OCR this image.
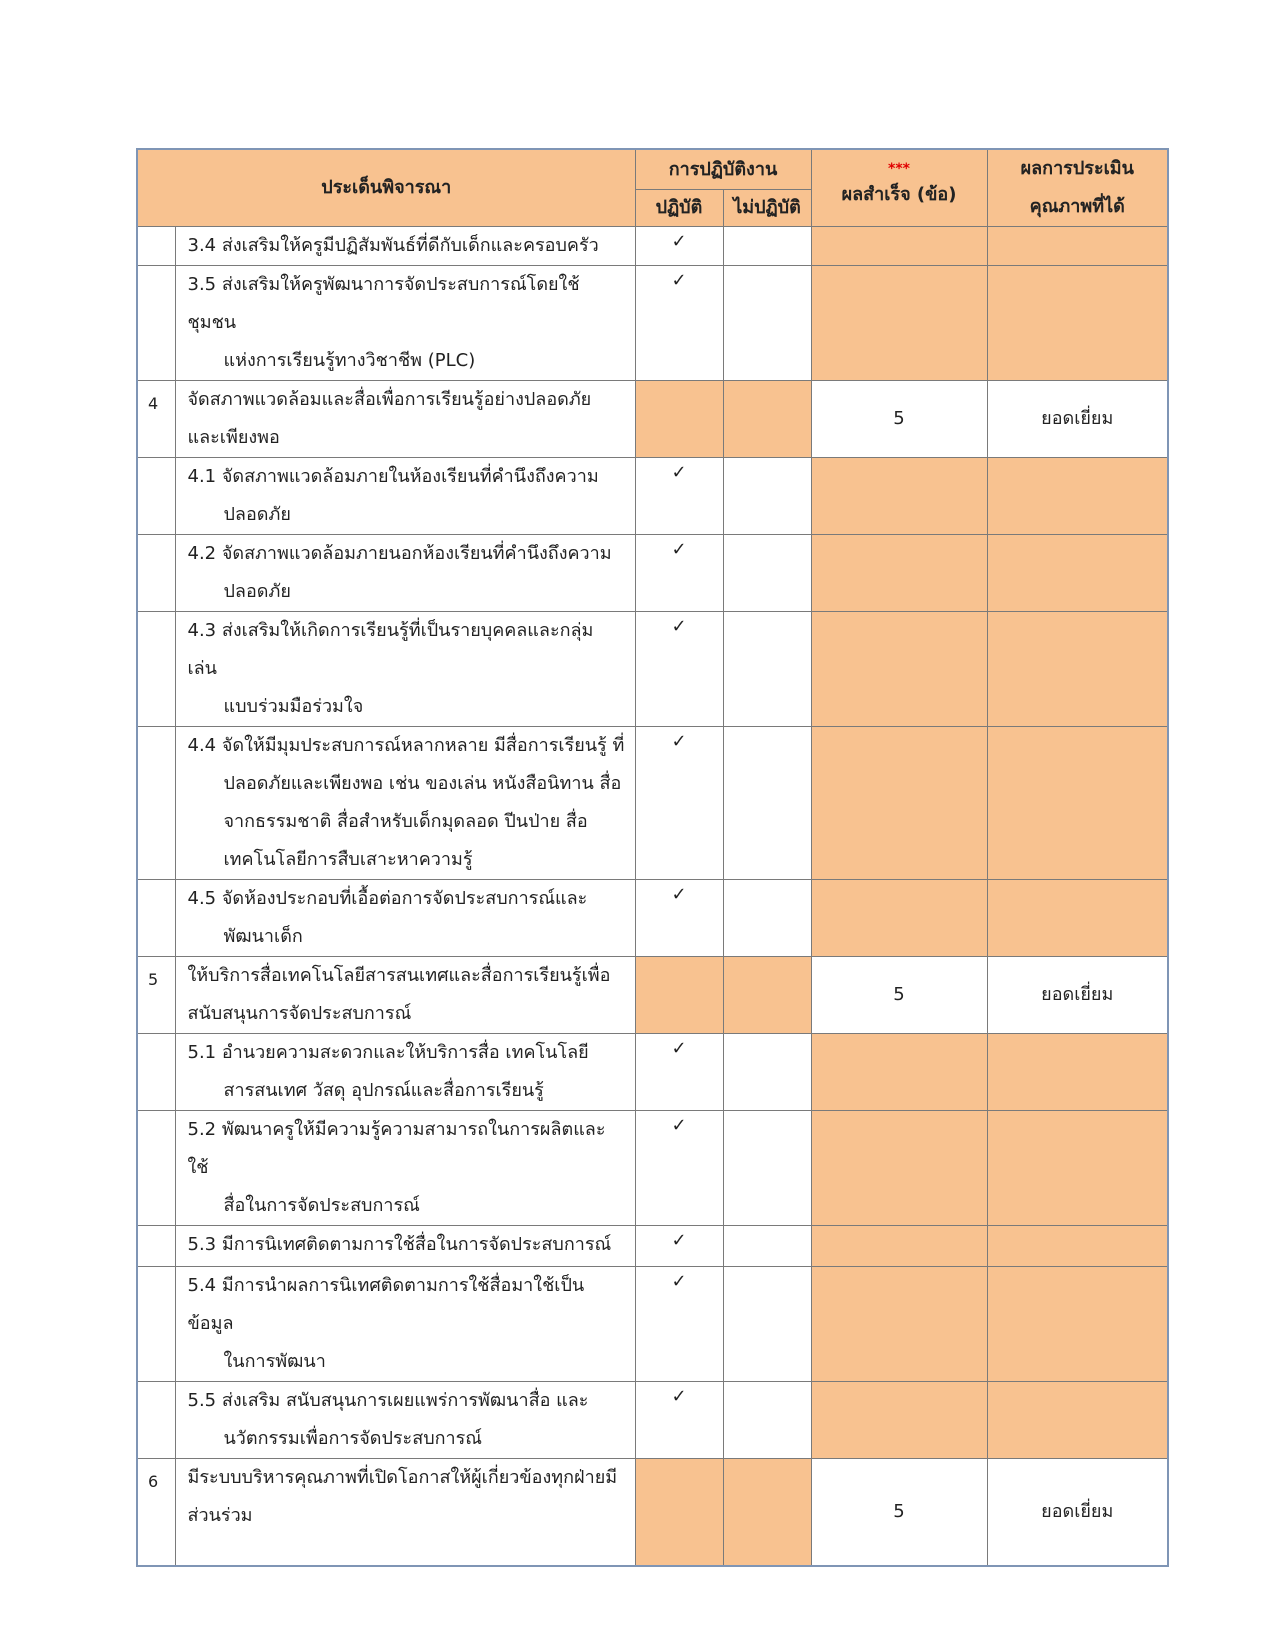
ประเด็นพิจารณา		การปฏิบัติงาน		***
ผลสำเร็จ (ข้อ)	ผลการประเมิน
คุณภาพที่ได้

		ปฏิบัติ	ไม่ปฏิบัติ		

	3.4 ส่งเสริมให้ครูมีปฏิสัมพันธ์ที่ดีกับเด็กและครอบครัว	✓			

	3.5 ส่งเสริมให้ครูพัฒนาการจัดประสบการณ์โดยใช้ชุมชน
แห่งการเรียนรู้ทางวิชาชีพ (PLC)	✓			
4	จัดสภาพแวดล้อมและสื่อเพื่อการเรียนรู้อย่างปลอดภัย
และเพียงพอ			5	ยอดเยี่ยม

	4.1 จัดสภาพแวดล้อมภายในห้องเรียนที่คำนึงถึงความ
ปลอดภัย	✓			

	4.2 จัดสภาพแวดล้อมภายนอกห้องเรียนที่คำนึงถึงความ
ปลอดภัย	✓			

	4.3 ส่งเสริมให้เกิดการเรียนรู้ที่เป็นรายบุคคลและกลุ่ม เล่น
แบบร่วมมือร่วมใจ	✓			

	4.4 จัดให้มีมุมประสบการณ์หลากหลาย มีสื่อการเรียนรู้ ที่
ปลอดภัยและเพียงพอ เช่น ของเล่น หนังสือนิทาน สื่อ
จากธรรมชาติ สื่อสำหรับเด็กมุดลอด ปีนป่าย สื่อ
เทคโนโลยีการสืบเสาะหาความรู้	✓			

	4.5 จัดห้องประกอบที่เอื้อต่อการจัดประสบการณ์และ
พัฒนาเด็ก	✓			
5	ให้บริการสื่อเทคโนโลยีสารสนเทศและสื่อการเรียนรู้เพื่อ
สนับสนุนการจัดประสบการณ์			5	ยอดเยี่ยม

	5.1 อำนวยความสะดวกและให้บริการสื่อ เทคโนโลยี
สารสนเทศ วัสดุ อุปกรณ์และสื่อการเรียนรู้	✓			

	5.2 พัฒนาครูให้มีความรู้ความสามารถในการผลิตและใช้
สื่อในการจัดประสบการณ์	✓			

	5.3 มีการนิเทศติดตามการใช้สื่อในการจัดประสบการณ์	✓			

	5.4 มีการนำผลการนิเทศติดตามการใช้สื่อมาใช้เป็นข้อมูล
ในการพัฒนา	✓			

	5.5 ส่งเสริม สนับสนุนการเผยแพร่การพัฒนาสื่อ และ
นวัตกรรมเพื่อการจัดประสบการณ์	✓			
6	มีระบบบริหารคุณภาพที่เปิดโอกาสให้ผู้เกี่ยวข้องทุกฝ่ายมี
ส่วนร่วม			5	ยอดเยี่ยม
